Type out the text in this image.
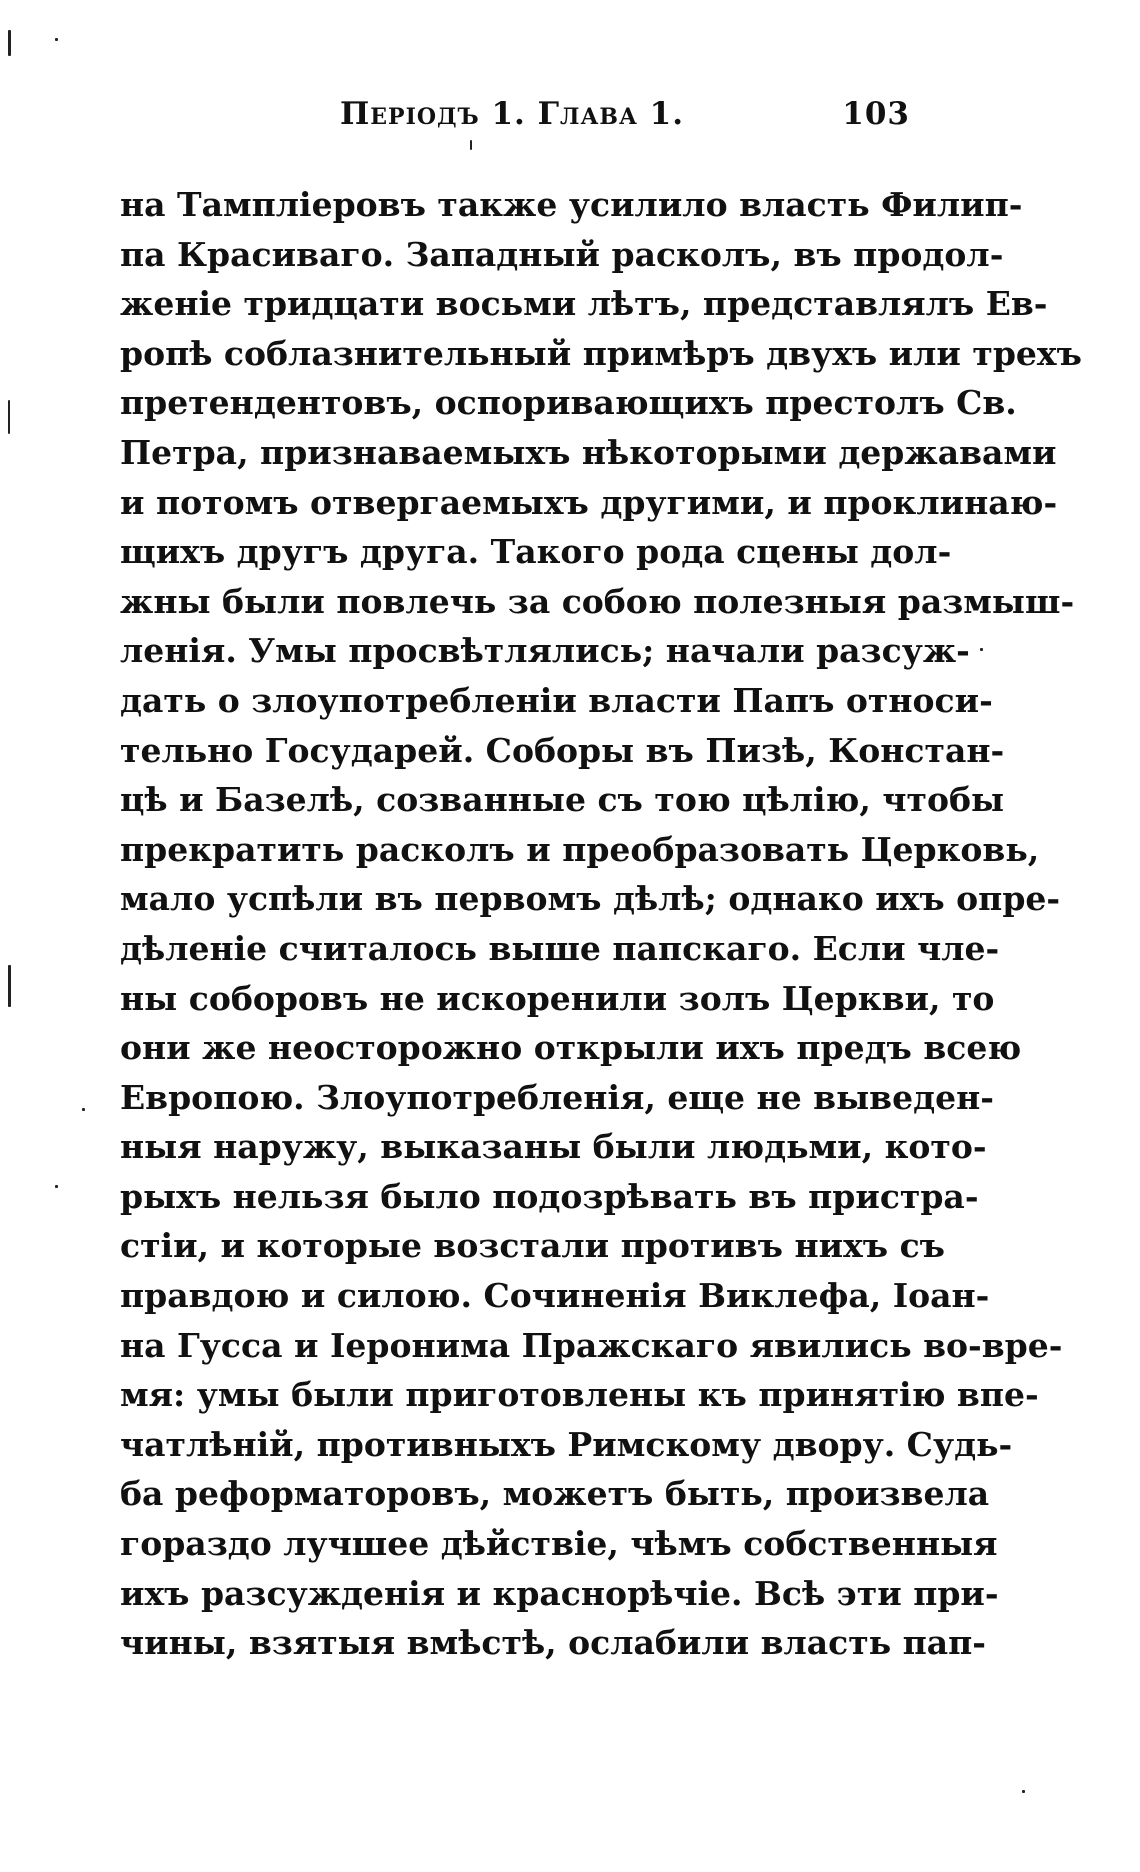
Періодъ 1. Глава 1.	103
на Тампліеровъ также усилило власть Филип-
па Красиваго. Западный расколъ, въ продол-
женіе тридцати восьми лѣтъ, представлялъ Ев-
ропѣ соблазнительный примѣръ двухъ или трехъ
претендентовъ, оспоривающихъ престолъ Св.
Петра, признаваемыхъ нѣкоторыми державами
и потомъ отвергаемыхъ другими, и проклинаю-
щихъ другъ друга. Такого рода сцены дол-
жны были повлечь за собою полезныя размыш-
ленія. Умы просвѣтлялись; начали разсуж-
дать о злоупотребленіи власти Папъ относи-
тельно Государей. Соборы въ Пизѣ, Констан-
цѣ и Базелѣ, созванные съ тою цѣлію, чтобы
прекратить расколъ и преобразовать Церковь,
мало успѣли въ первомъ дѣлѣ; однако ихъ опре-
дѣленіе считалось выше папскаго. Если чле-
ны соборовъ не искоренили золъ Церкви, то
они же неосторожно открыли ихъ предъ всею
Европою. Злоупотребленія, еще не выведен-
ныя наружу, выказаны были людьми, кото-
рыхъ нельзя было подозрѣвать въ пристра-
стіи, и которые возстали противъ нихъ съ
правдою и силою. Сочиненія Виклефа, Іоан-
на Гусса и Іеронима Пражскаго явились во-вре-
мя: умы были приготовлены къ принятію впе-
чатлѣній, противныхъ Римскому двору. Судь-
ба реформаторовъ, можетъ быть, произвела
гораздо лучшее дѣйствіе, чѣмъ собственныя
ихъ разсужденія и краснорѣчіе. Всѣ эти при-
чины, взятыя вмѣстѣ, ослабили власть пап-
